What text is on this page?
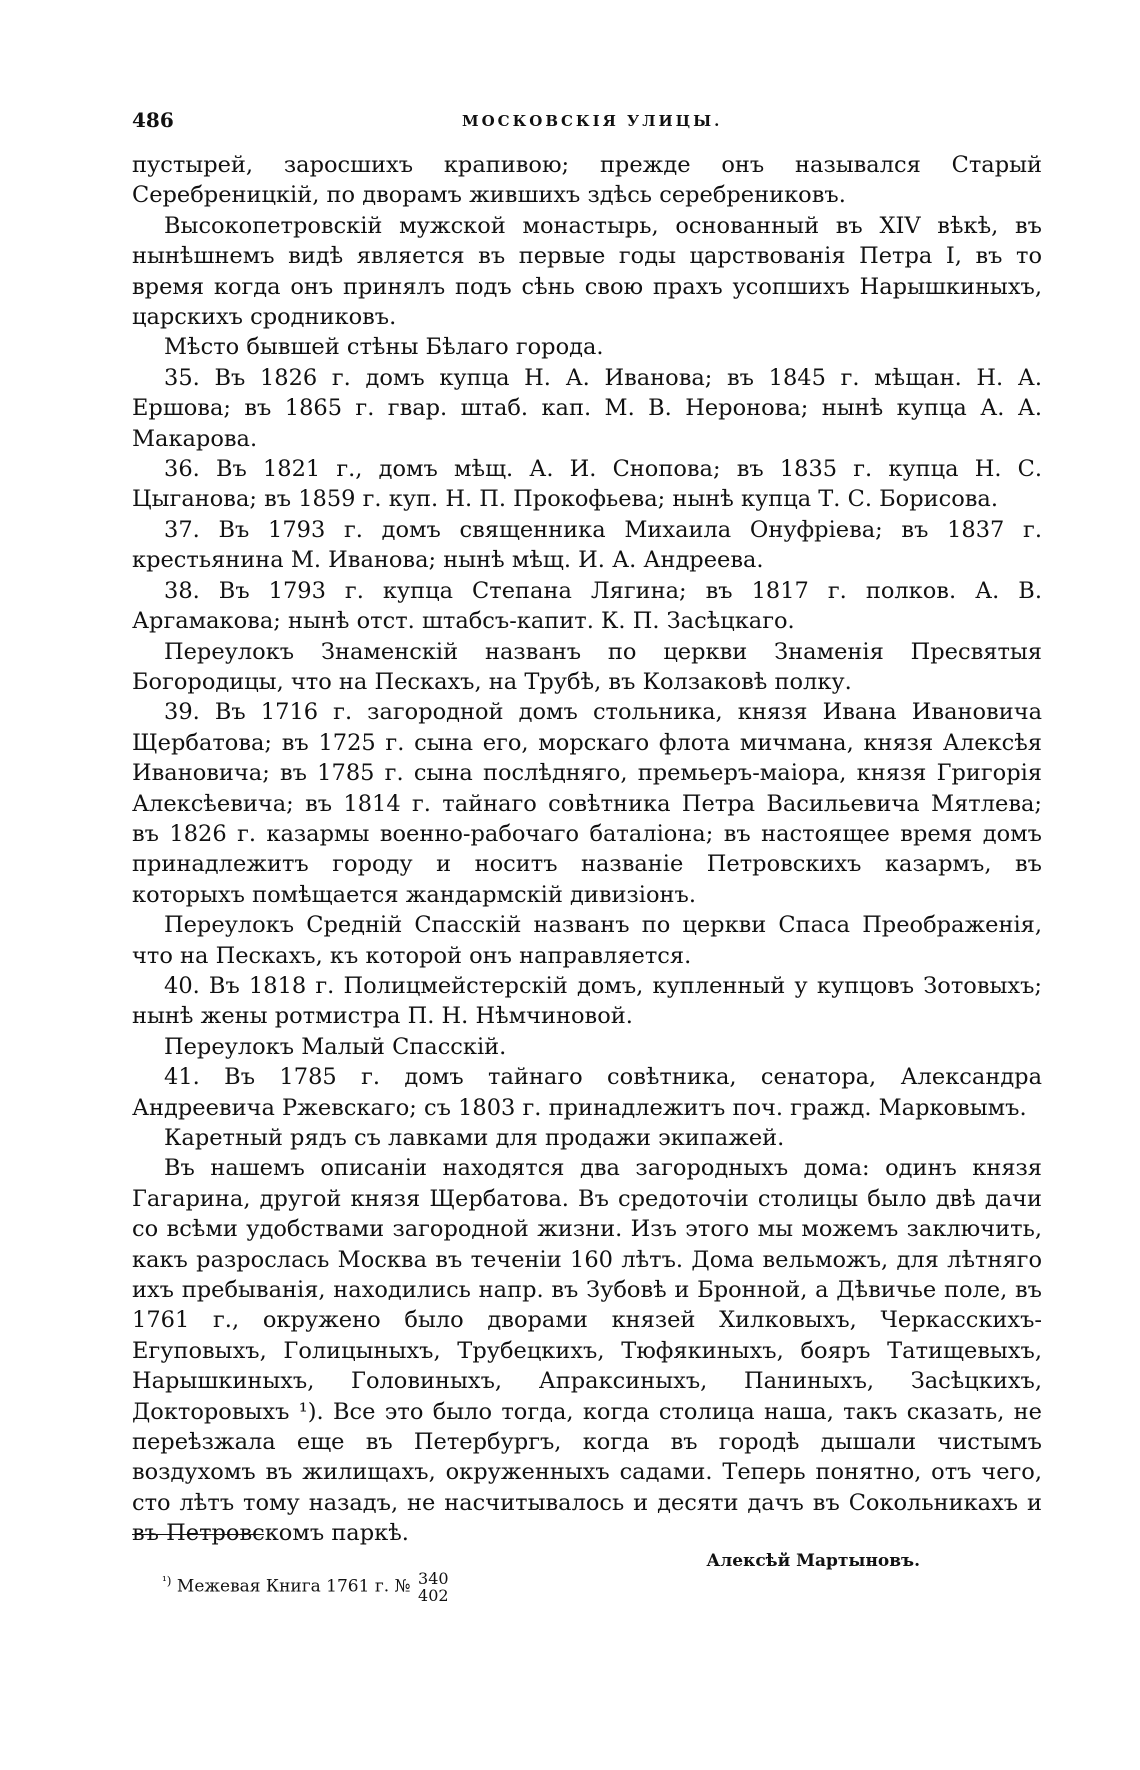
486	МОСКОВСКІЯ УЛИЦЫ.

пустырей, заросшихъ крапивою; прежде онъ назывался Старый Серебреницкій, по дворамъ жившихъ здѣсь серебрениковъ.

Высокопетровскій мужской монастырь, основанный въ XIV вѣкѣ, въ нынѣшнемъ видѣ является въ первые годы царствованія Петра I, въ то время когда онъ принялъ подъ сѣнь свою прахъ усопшихъ Нарышкиныхъ, царскихъ сродниковъ.

Мѣсто бывшей стѣны Бѣлаго города.

35. Въ 1826 г. домъ купца Н. А. Иванова; въ 1845 г. мѣщан. Н. А. Ершова; въ 1865 г. гвар. штаб. кап. М. В. Неронова; нынѣ купца А. А. Макарова.

36. Въ 1821 г., домъ мѣщ. А. И. Снопова; въ 1835 г. купца Н. С. Цыганова; въ 1859 г. куп. Н. П. Прокофьева; нынѣ купца Т. С. Борисова.

37. Въ 1793 г. домъ священника Михаила Онуфріева; въ 1837 г. крестьянина М. Иванова; нынѣ мѣщ. И. А. Андреева.

38. Въ 1793 г. купца Степана Лягина; въ 1817 г. полков. А. В. Аргамакова; нынѣ отст. штабсъ-капит. К. П. Засѣцкаго.

Переулокъ Знаменскій названъ по церкви Знаменія Пресвятыя Богородицы, что на Пескахъ, на Трубѣ, въ Колзаковѣ полку.

39. Въ 1716 г. загородной домъ стольника, князя Ивана Ивановича Щербатова; въ 1725 г. сына его, морскаго флота мичмана, князя Алексѣя Ивановича; въ 1785 г. сына послѣдняго, премьеръ-маіора, князя Григорія Алексѣевича; въ 1814 г. тайнаго совѣтника Петра Васильевича Мятлева; въ 1826 г. казармы военно-рабочаго баталіона; въ настоящее время домъ принадлежитъ городу и носитъ названіе Петровскихъ казармъ, въ которыхъ помѣщается жандармскій дивизіонъ.

Переулокъ Средній Спасскій названъ по церкви Спаса Преображенія, что на Пескахъ, къ которой онъ направляется.

40. Въ 1818 г. Полицмейстерскій домъ, купленный у купцовъ Зотовыхъ; нынѣ жены ротмистра П. Н. Нѣмчиновой.

Переулокъ Малый Спасскій.

41. Въ 1785 г. домъ тайнаго совѣтника, сенатора, Александра Андреевича Ржевскаго; съ 1803 г. принадлежитъ поч. гражд. Марковымъ.

Каретный рядъ съ лавками для продажи экипажей.

Въ нашемъ описаніи находятся два загородныхъ дома: одинъ князя Гагарина, другой князя Щербатова. Въ средоточіи столицы было двѣ дачи со всѣми удобствами загородной жизни. Изъ этого мы можемъ заключить, какъ разрослась Москва въ теченіи 160 лѣтъ. Дома вельможъ, для лѣтняго ихъ пребыванія, находились напр. въ Зубовѣ и Бронной, а Дѣвичье поле, въ 1761 г., окружено было дворами князей Хилковыхъ, Черкасскихъ-Егуповыхъ, Голицыныхъ, Трубецкихъ, Тюфякиныхъ, бояръ Татищевыхъ, Нарышкиныхъ, Головиныхъ, Апраксиныхъ, Паниныхъ, Засѣцкихъ, Докторовыхъ ¹). Все это было тогда, когда столица наша, такъ сказать, не переѣзжала еще въ Петербургъ, когда въ городѣ дышали чистымъ воздухомъ въ жилищахъ, окруженныхъ садами. Теперь понятно, отъ чего, сто лѣтъ тому назадъ, не насчитывалось и десяти дачъ въ Сокольникахъ и въ Петровскомъ паркѣ.

Алексѣй Мартыновъ.
$^{^1)}$ Межевая Книга 1761 г. № 340
402
